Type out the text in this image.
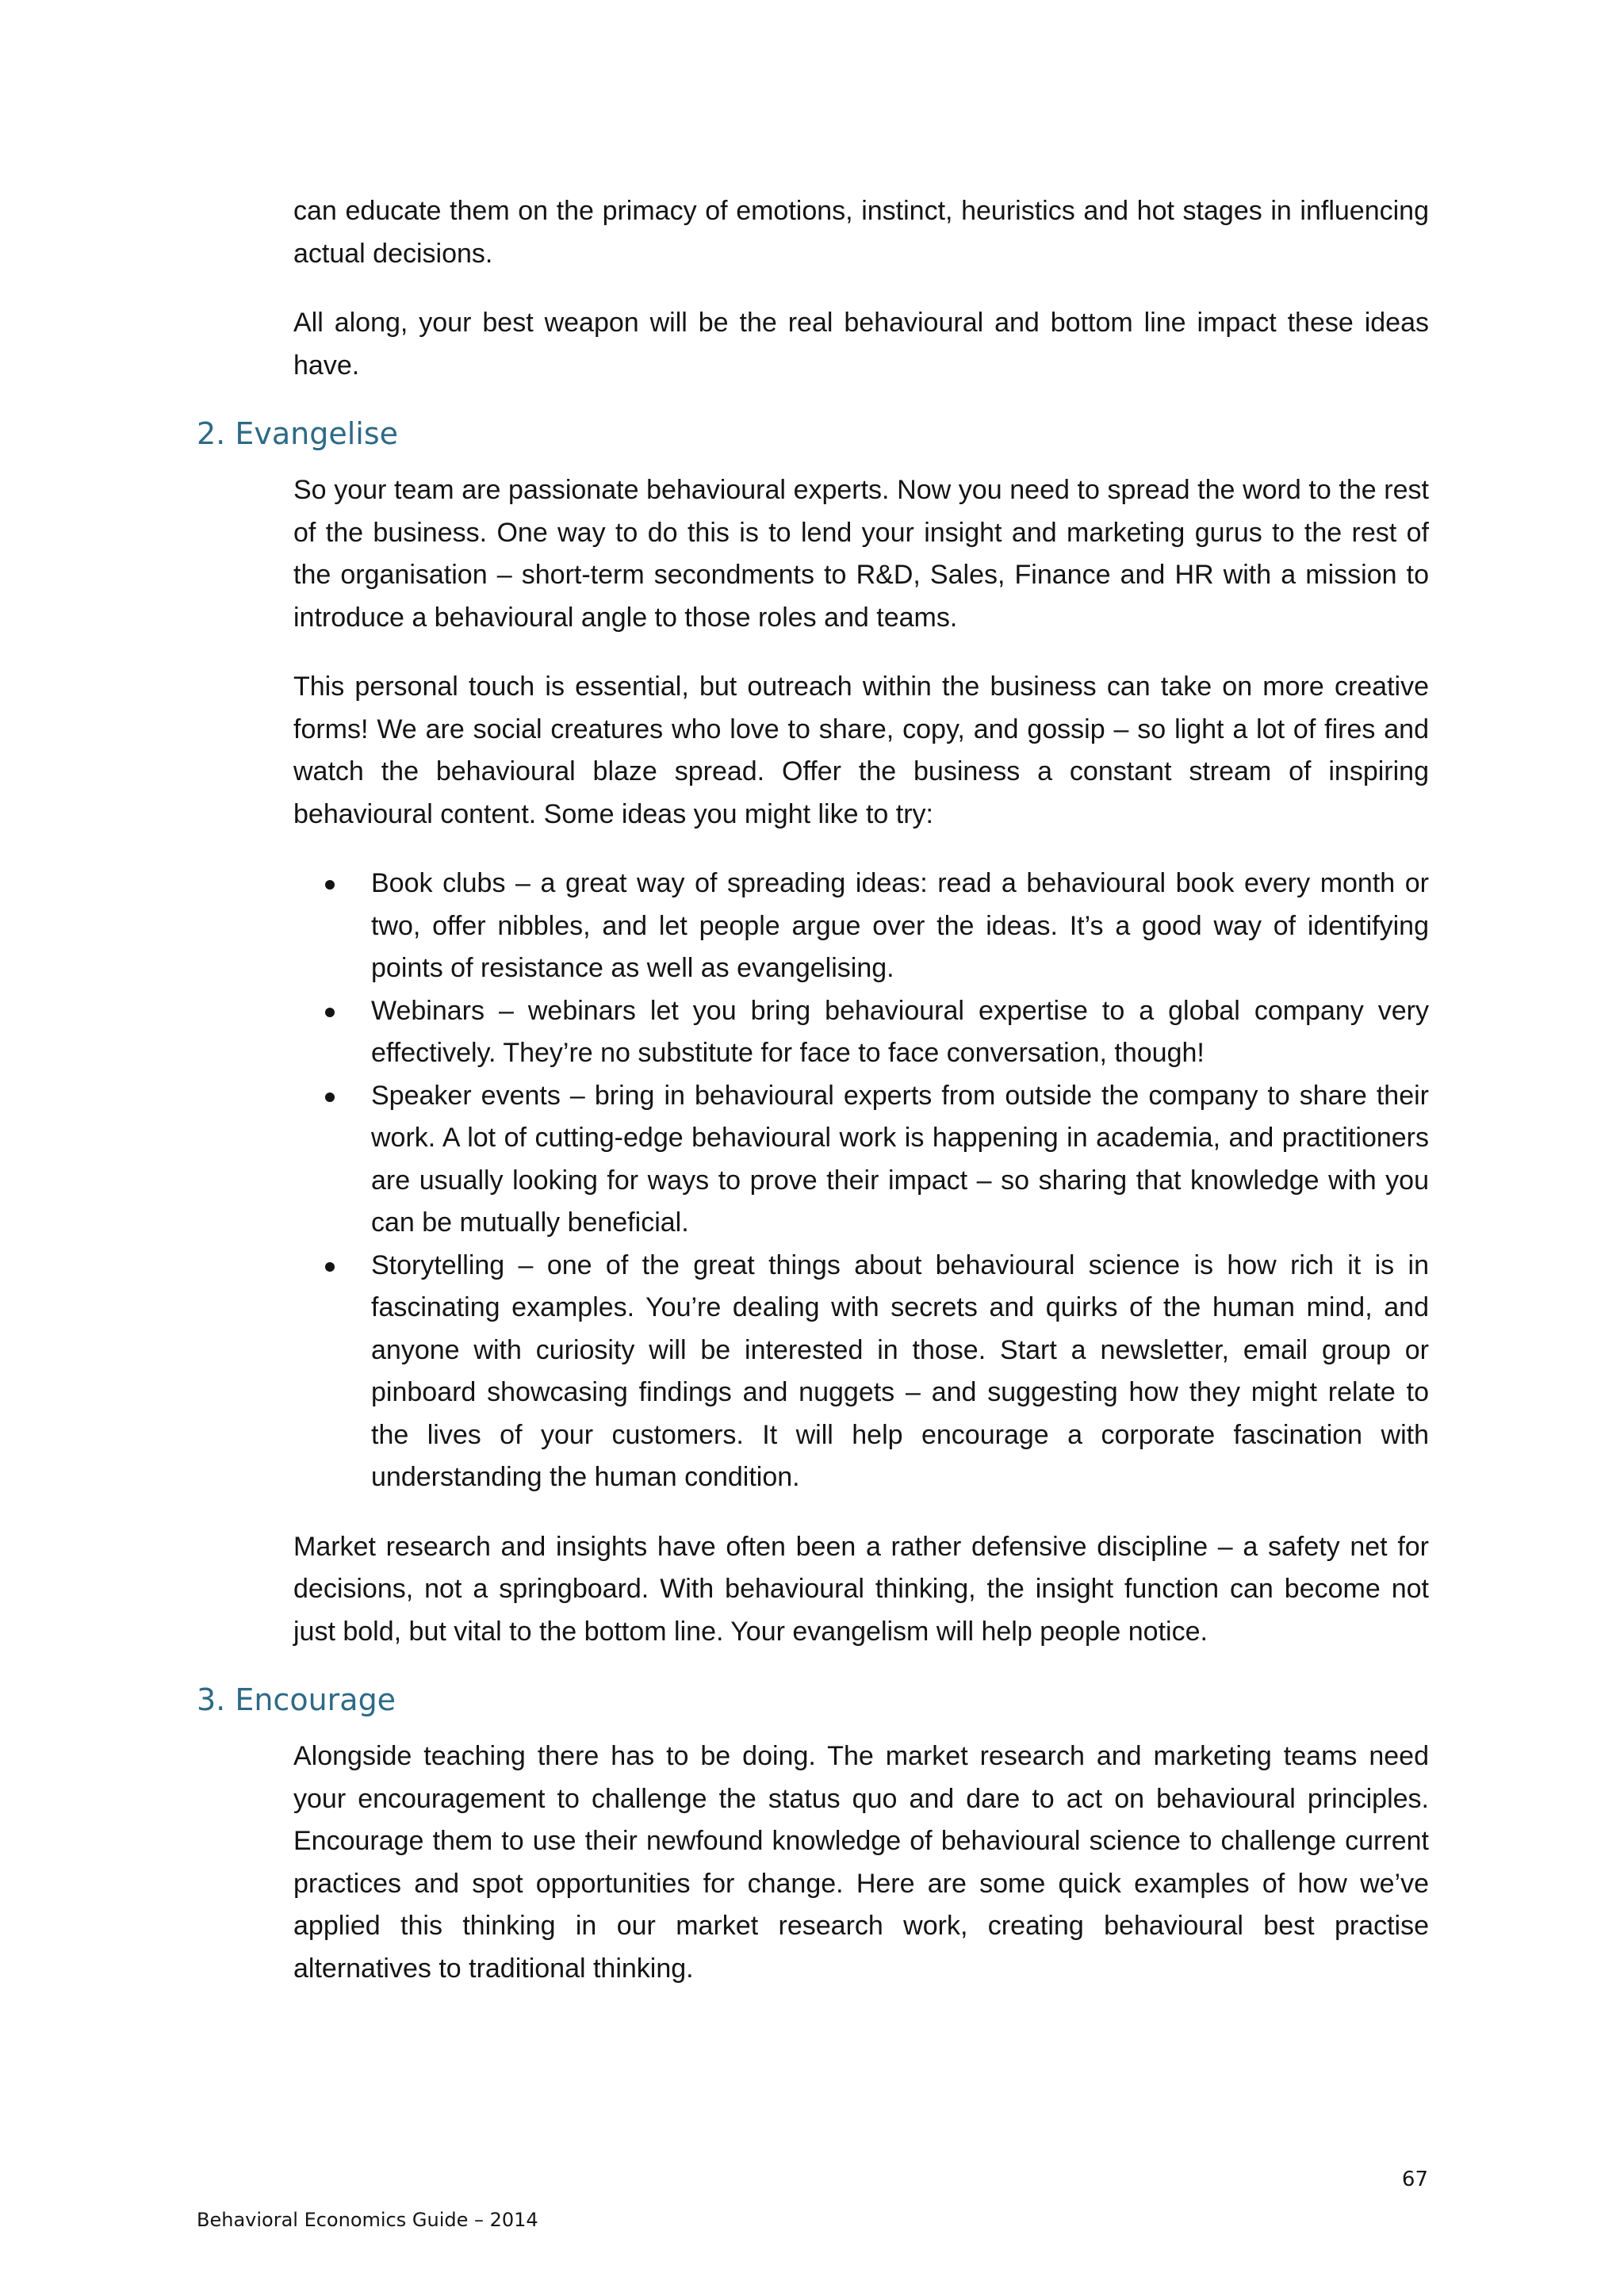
can educate them on the primacy of emotions, instinct, heuristics and hot stages in influencing actual decisions.

All along, your best weapon will be the real behavioural and bottom line impact these ideas have.

2. Evangelise

So your team are passionate behavioural experts. Now you need to spread the word to the rest of the business. One way to do this is to lend your insight and marketing gurus to the rest of the organisation – short-term secondments to R&D, Sales, Finance and HR with a mission to introduce a behavioural angle to those roles and teams.

This personal touch is essential, but outreach within the business can take on more creative forms! We are social creatures who love to share, copy, and gossip – so light a lot of fires and watch the behavioural blaze spread. Offer the business a constant stream of inspiring behavioural content. Some ideas you might like to try:

Book clubs – a great way of spreading ideas: read a behavioural book every month or two, offer nibbles, and let people argue over the ideas. It’s a good way of identifying points of resistance as well as evangelising.
Webinars – webinars let you bring behavioural expertise to a global company very effectively. They’re no substitute for face to face conversation, though!
Speaker events – bring in behavioural experts from outside the company to share their work. A lot of cutting-edge behavioural work is happening in academia, and practitioners are usually looking for ways to prove their impact – so sharing that knowledge with you can be mutually beneficial.
Storytelling – one of the great things about behavioural science is how rich it is in fascinating examples. You’re dealing with secrets and quirks of the human mind, and anyone with curiosity will be interested in those. Start a newsletter, email group or pinboard showcasing findings and nuggets – and suggesting how they might relate to the lives of your customers. It will help encourage a corporate fascination with understanding the human condition.

Market research and insights have often been a rather defensive discipline – a safety net for decisions, not a springboard. With behavioural thinking, the insight function can become not just bold, but vital to the bottom line. Your evangelism will help people notice.

3. Encourage

Alongside teaching there has to be doing. The market research and marketing teams need your encouragement to challenge the status quo and dare to act on behavioural principles. Encourage them to use their newfound knowledge of behavioural science to challenge current practices and spot opportunities for change. Here are some quick examples of how we’ve applied this thinking in our market research work, creating behavioural best practise alternatives to traditional thinking.

67
Behavioral Economics Guide – 2014
